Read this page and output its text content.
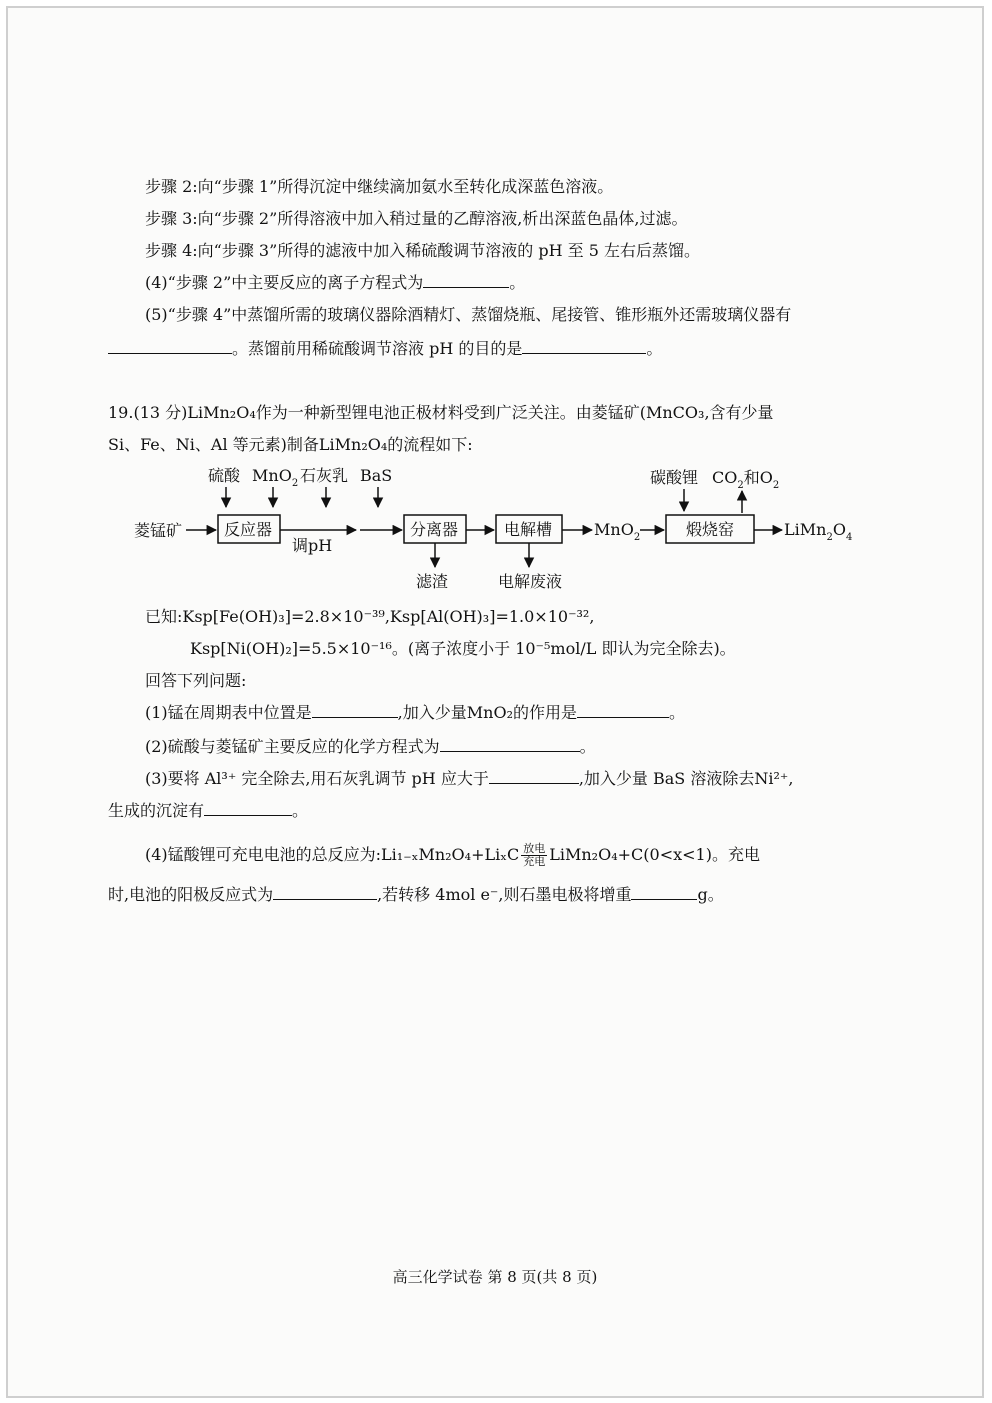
步骤 2:向“步骤 1”所得沉淀中继续滴加氨水至转化成深蓝色溶液。
步骤 3:向“步骤 2”所得溶液中加入稍过量的乙醇溶液,析出深蓝色晶体,过滤。
步骤 4:向“步骤 3”所得的滤液中加入稀硫酸调节溶液的 pH 至 5 左右后蒸馏。
(4)“步骤 2”中主要反应的离子方程式为	。
(5)“步骤 4”中蒸馏所需的玻璃仪器除酒精灯、蒸馏烧瓶、尾接管、锥形瓶外还需玻璃仪器有
。蒸馏前用稀硫酸调节溶液 pH 的目的是	。
19.(13 分)LiMn₂O₄作为一种新型锂电池正极材料受到广泛关注。由菱锰矿(MnCO₃,含有少量
Si、Fe、Ni、Al 等元素)制备LiMn₂O₄的流程如下:
硫酸 MnO$_2$ 石灰乳 BaS
菱锰矿	反应器
调pH
分离器	电解槽	MnO$_2$	煅烧窑	$LiMn_2O_4$
碳酸锂 $CO_2$和$O_2$
滤渣	电解废液
已知:Ksp[Fe(OH)₃]=2.8×10⁻³⁹,Ksp[Al(OH)₃]=1.0×10⁻³²,
Ksp[Ni(OH)₂]=5.5×10⁻¹⁶。(离子浓度小于 10⁻⁵mol/L 即认为完全除去)。
回答下列问题:
(1)锰在周期表中位置是	,加入少量MnO₂的作用是	。
(2)硫酸与菱锰矿主要反应的化学方程式为	。
(3)要将 Al³⁺ 完全除去,用石灰乳调节 pH 应大于	,加入少量 BaS 溶液除去Ni²⁺,
生成的沉淀有	。
(4)锰酸锂可充电电池的总反应为:Li₁₋ₓMn₂O₄+LiₓC $\frac{\text{放电}}{\text{充电}}$ LiMn₂O₄+C(0<x<1)。充电
时,电池的阳极反应式为	,若转移 4mol e⁻,则石墨电极将增重	g。
高三化学试卷 第 8 页(共 8 页)
